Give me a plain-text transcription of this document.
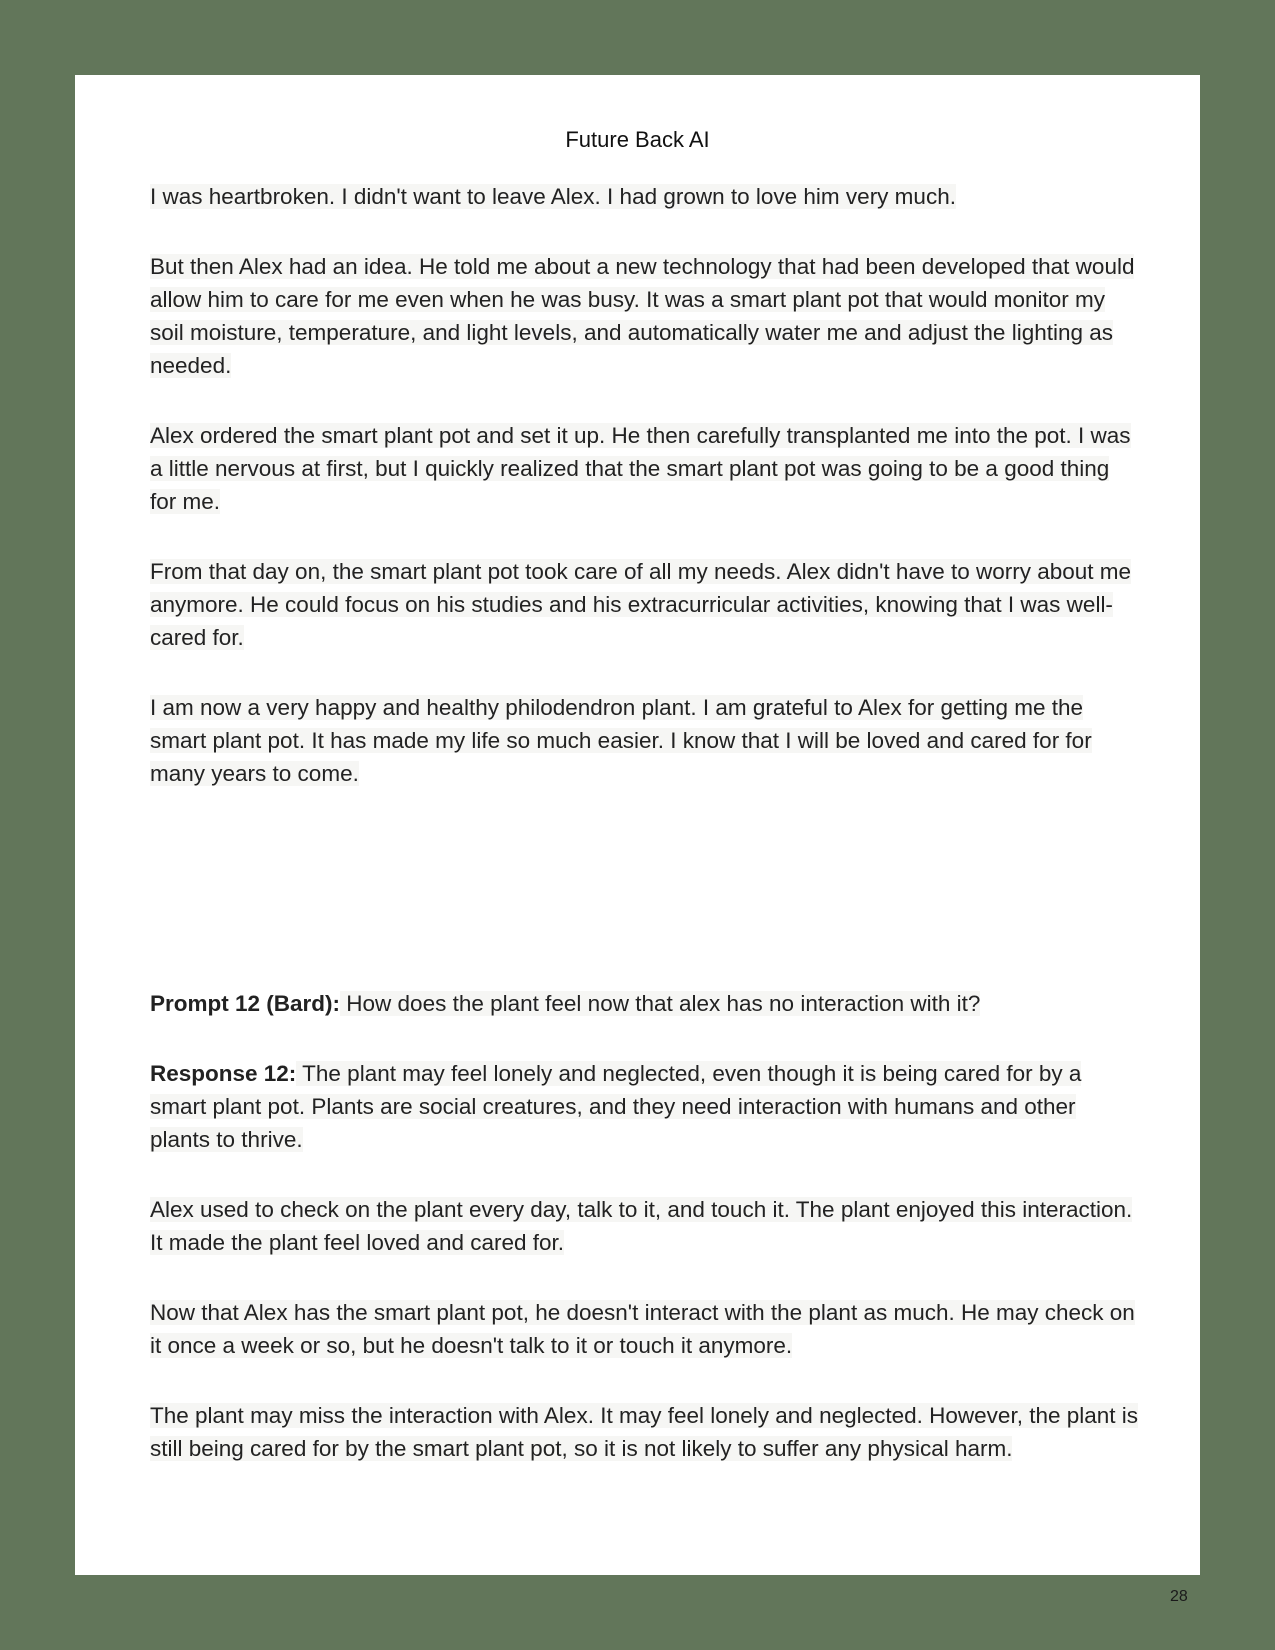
Future Back AI

I was heartbroken. I didn't want to leave Alex. I had grown to love him very much.

But then Alex had an idea. He told me about a new technology that had been developed that would allow him to care for me even when he was busy. It was a smart plant pot that would monitor my soil moisture, temperature, and light levels, and automatically water me and adjust the lighting as needed.

Alex ordered the smart plant pot and set it up. He then carefully transplanted me into the pot. I was a little nervous at first, but I quickly realized that the smart plant pot was going to be a good thing for me.

From that day on, the smart plant pot took care of all my needs. Alex didn't have to worry about me anymore. He could focus on his studies and his extracurricular activities, knowing that I was well-cared for.

I am now a very happy and healthy philodendron plant. I am grateful to Alex for getting me the smart plant pot. It has made my life so much easier. I know that I will be loved and cared for for many years to come.

Prompt 12 (Bard): How does the plant feel now that alex has no interaction with it?

Response 12: The plant may feel lonely and neglected, even though it is being cared for by a smart plant pot. Plants are social creatures, and they need interaction with humans and other plants to thrive.

Alex used to check on the plant every day, talk to it, and touch it. The plant enjoyed this interaction. It made the plant feel loved and cared for.

Now that Alex has the smart plant pot, he doesn't interact with the plant as much. He may check on it once a week or so, but he doesn't talk to it or touch it anymore.

The plant may miss the interaction with Alex. It may feel lonely and neglected. However, the plant is still being cared for by the smart plant pot, so it is not likely to suffer any physical harm.

28
